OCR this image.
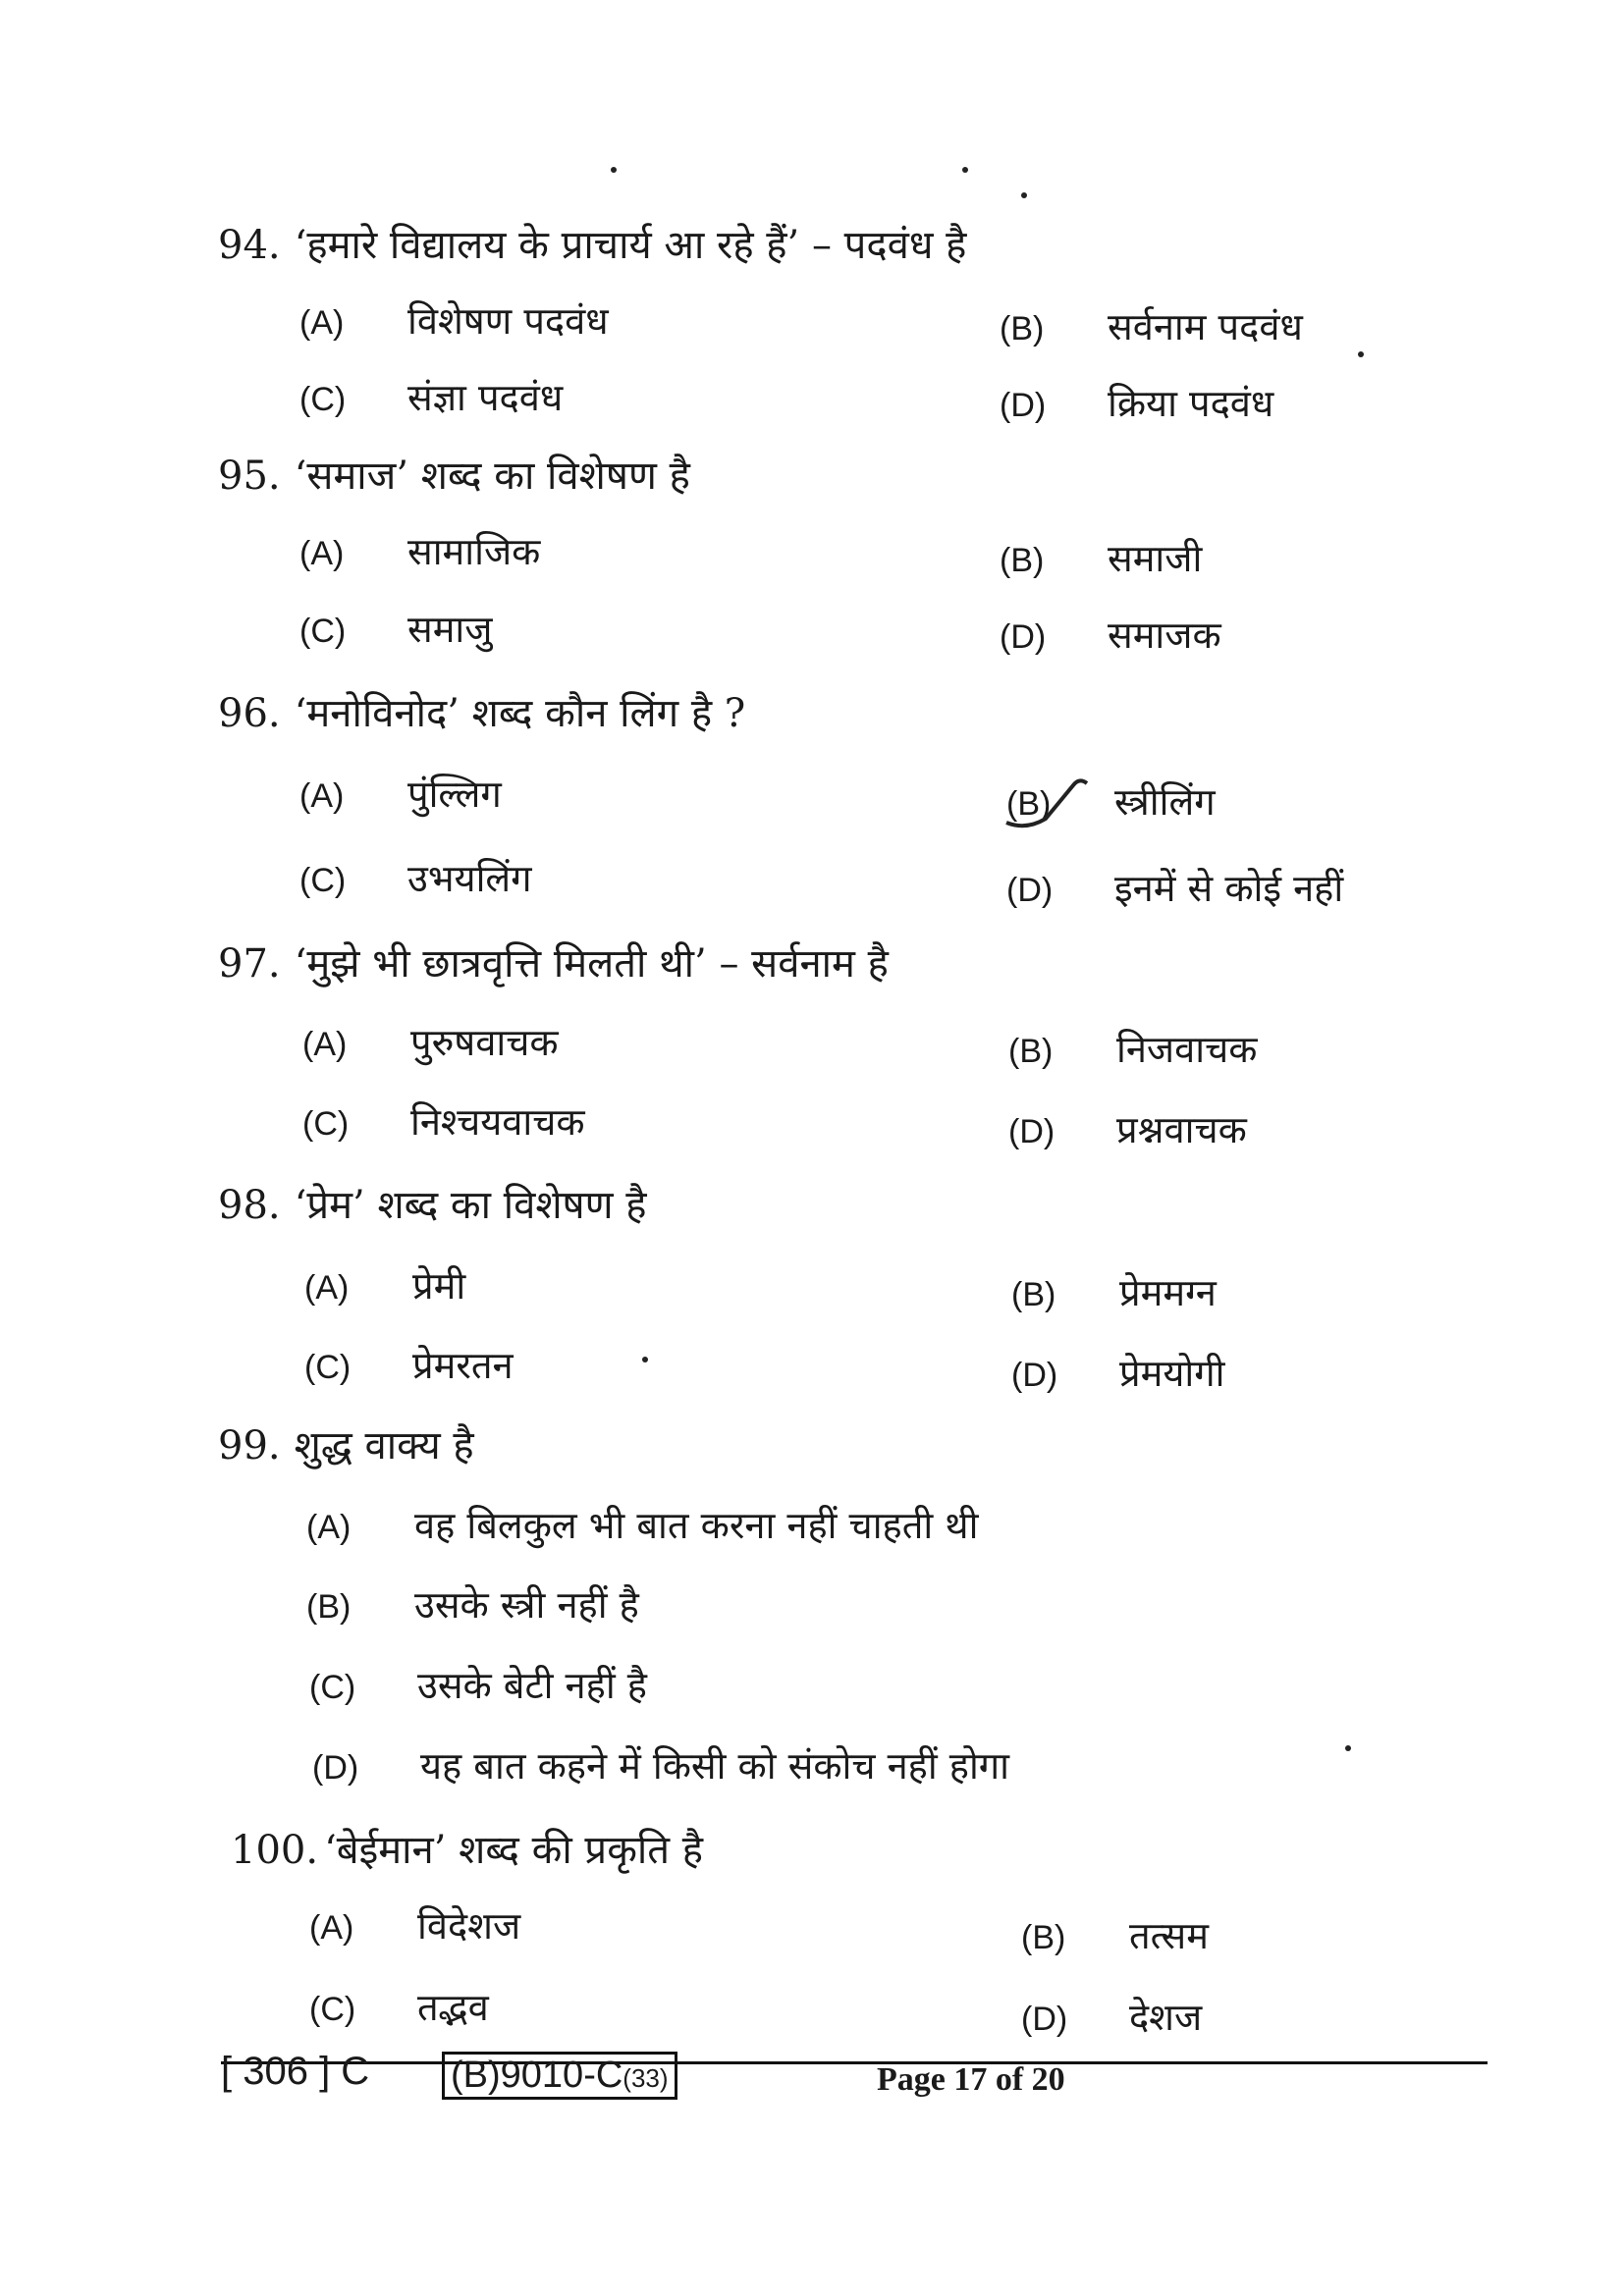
94. ‘हमारे विद्यालय के प्राचार्य आ रहे हैं’ – पदवंध है
(A) विशेषण पदवंध	(B) सर्वनाम पदवंध
(C) संज्ञा पदवंध	(D) क्रिया पदवंध
95. ‘समाज’ शब्द का विशेषण है
(A) सामाजिक	(B) समाजी
(C) समाजु	(D) समाजक
96. ‘मनोविनोद’ शब्द कौन लिंग है ?
(A) पुंल्लिग	(B) स्त्रीलिंग
(C) उभयलिंग	(D) इनमें से कोई नहीं
97. ‘मुझे भी छात्रवृत्ति मिलती थी’ – सर्वनाम है
(A) पुरुषवाचक	(B) निजवाचक
(C) निश्चयवाचक	(D) प्रश्नवाचक
98. ‘प्रेम’ शब्द का विशेषण है
(A) प्रेमी	(B) प्रेममग्न
(C) प्रेमरतन	(D) प्रेमयोगी
99. शुद्ध वाक्य है
(A) वह बिलकुल भी बात करना नहीं चाहती थी
(B) उसके स्त्री नहीं है
(C) उसके बेटी नहीं है
(D) यह बात कहने में किसी को संकोच नहीं होगा
100. ‘बेईमान’ शब्द की प्रकृति है
(A) विदेशज	(B) तत्सम
(C) तद्भव	(D) देशज
[ 306 ] C (B)9010-C(33)	Page 17 of 20
